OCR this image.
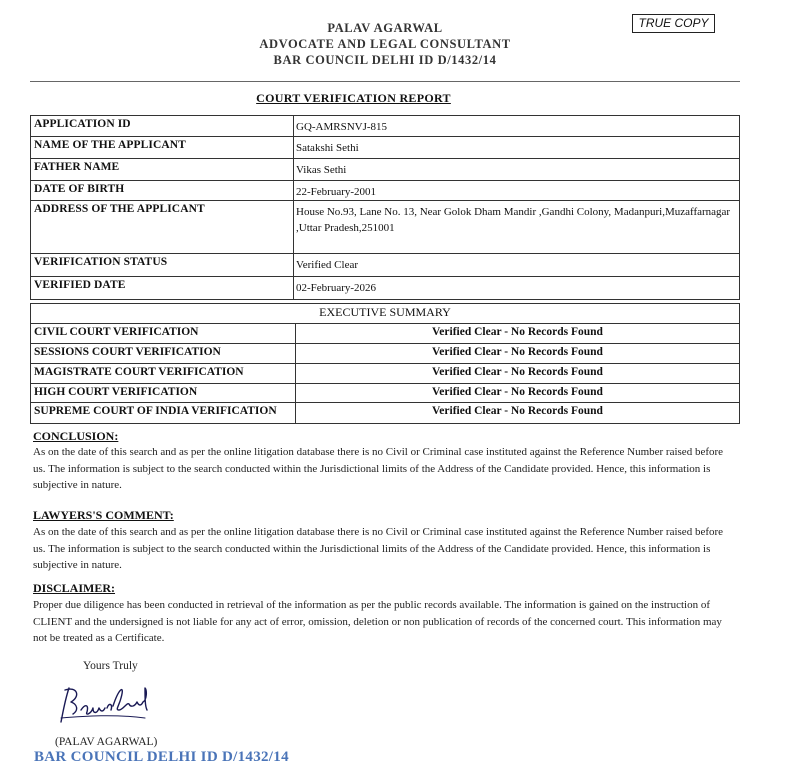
PALAV AGARWAL
ADVOCATE AND LEGAL CONSULTANT
BAR COUNCIL DELHI ID D/1432/14
TRUE COPY
COURT VERIFICATION REPORT
APPLICATION ID	GQ-AMRSNVJ-815
NAME OF THE APPLICANT	Satakshi Sethi
FATHER NAME	Vikas Sethi
DATE OF BIRTH	22-February-2001
ADDRESS OF THE APPLICANT	House No.93, Lane No. 13, Near Golok Dham Mandir ,Gandhi Colony, Madanpuri,Muzaffarnagar ,Uttar Pradesh,251001
VERIFICATION STATUS	Verified Clear
VERIFIED DATE	02-February-2026
EXECUTIVE SUMMARY	
CIVIL COURT VERIFICATION	Verified Clear - No Records Found
SESSIONS COURT VERIFICATION	Verified Clear - No Records Found
MAGISTRATE COURT VERIFICATION	Verified Clear - No Records Found
HIGH COURT VERIFICATION	Verified Clear - No Records Found
SUPREME COURT OF INDIA VERIFICATION	Verified Clear - No Records Found
CONCLUSION:
As on the date of this search and as per the online litigation database there is no Civil or Criminal case instituted against the Reference Number raised before us. The information is subject to the search conducted within the Jurisdictional limits of the Address of the Candidate provided. Hence, this information is subjective in nature.
LAWYERS'S COMMENT:
As on the date of this search and as per the online litigation database there is no Civil or Criminal case instituted against the Reference Number raised before us. The information is subject to the search conducted within the Jurisdictional limits of the Address of the Candidate provided. Hence, this information is subjective in nature.
DISCLAIMER:
Proper due diligence has been conducted in retrieval of the information as per the public records available. The information is gained on the instruction of CLIENT and the undersigned is not liable for any act of error, omission, deletion or non publication of records of the concerned court. This information may not be treated as a Certificate.
Yours Truly
(PALAV AGARWAL)
BAR COUNCIL DELHI ID D/1432/14
